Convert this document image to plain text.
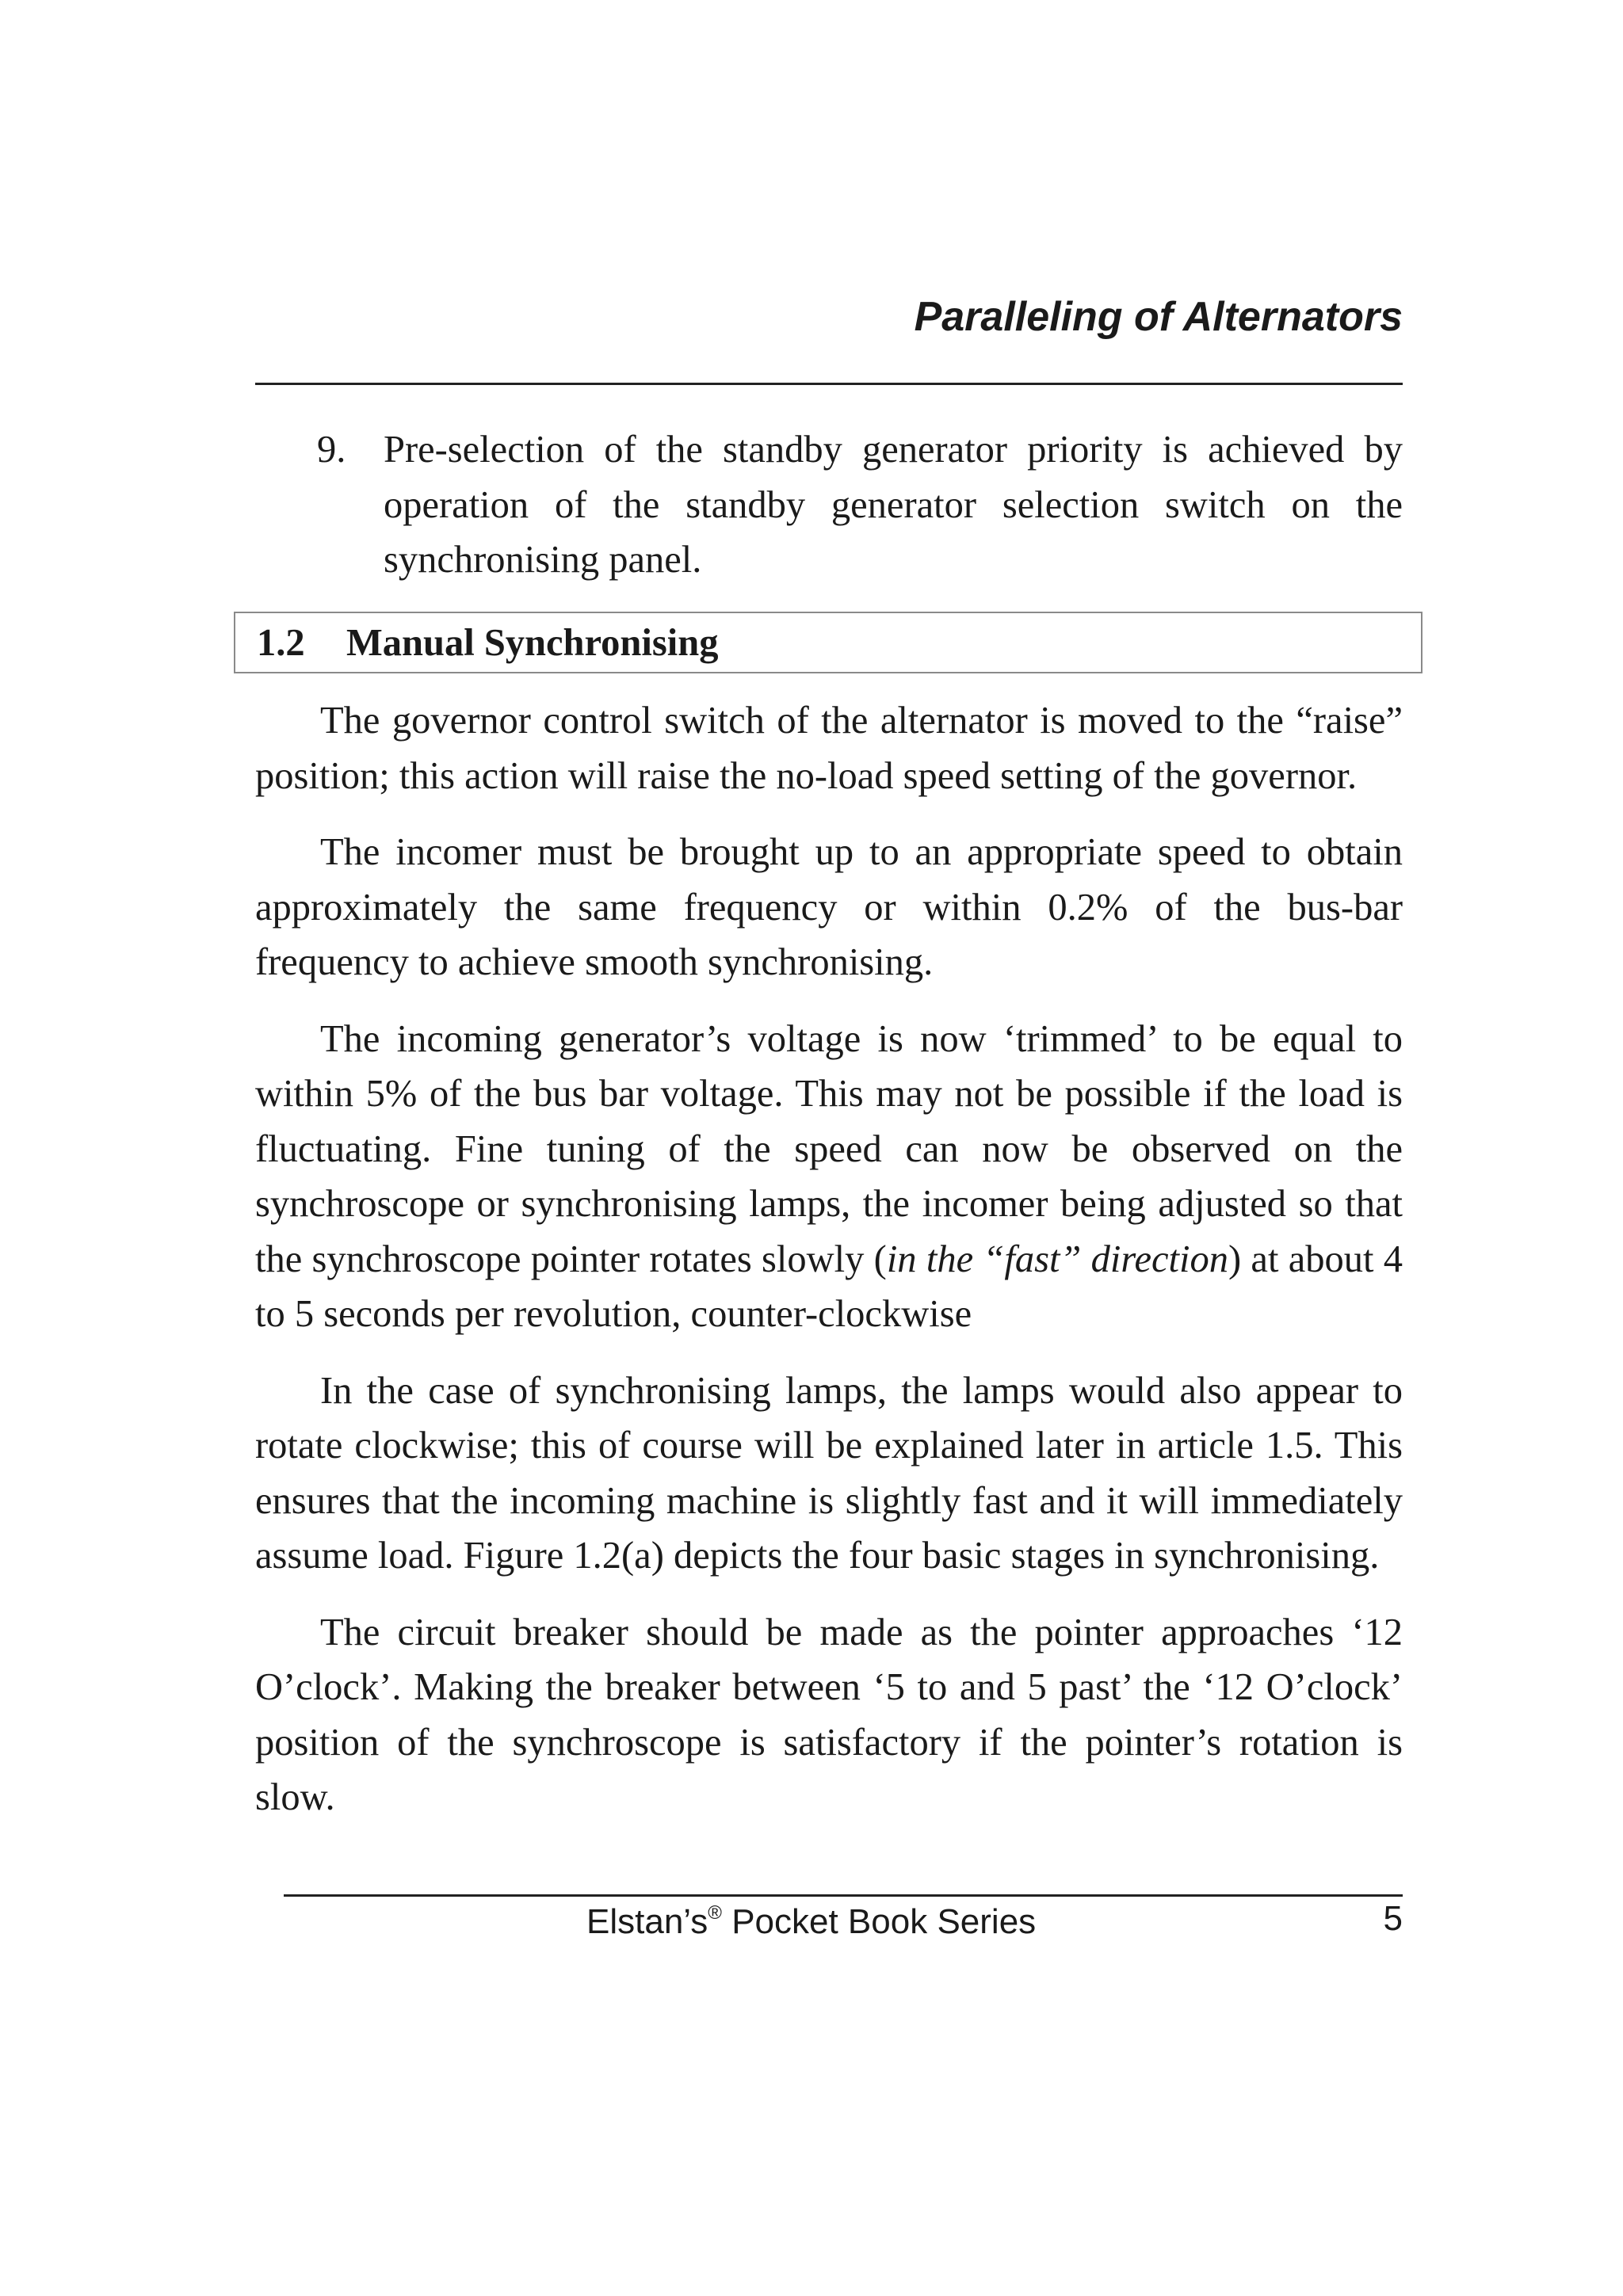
Paralleling of Alternators
9. Pre-selection of the standby generator priority is achieved by operation of the standby generator selection switch on the synchronising panel.
1.2	Manual Synchronising

The governor control switch of the alternator is moved to the “raise” position; this action will raise the no-load speed setting of the governor.

The incomer must be brought up to an appropriate speed to obtain approximately the same frequency or within 0.2% of the bus-bar frequency to achieve smooth synchronising.

The incoming generator’s voltage is now ‘trimmed’ to be equal to within 5% of the bus bar voltage. This may not be possible if the load is fluctuating. Fine tuning of the speed can now be observed on the synchroscope or synchronising lamps, the incomer being adjusted so that the synchroscope pointer rotates slowly (in the “fast” direction) at about 4 to 5 seconds per revolution, counter-clockwise

In the case of synchronising lamps, the lamps would also appear to rotate clockwise; this of course will be explained later in article 1.5. This ensures that the incoming machine is slightly fast and it will immediately assume load. Figure 1.2(a) depicts the four basic stages in synchronising.

The circuit breaker should be made as the pointer approaches ‘12 O’clock’. Making the breaker between ‘5 to and 5 past’ the ‘12 O’clock’ position of the synchroscope is satisfactory if the pointer’s rotation is slow.

Elstan’s® Pocket Book Series	5
